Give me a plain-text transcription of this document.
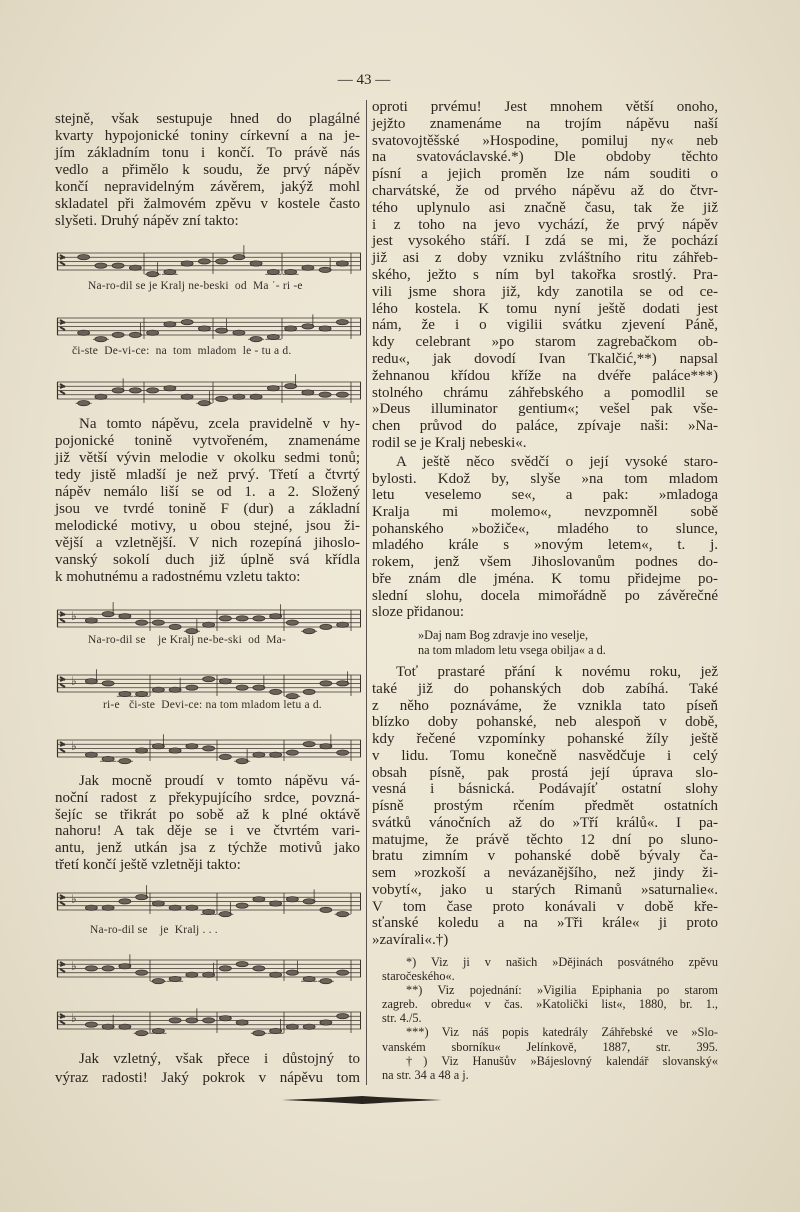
— 43 —
stejně, však sestupuje hned do plagálné
kvarty hypojonické toniny církevní a na je-
jím základním tonu i končí. To právě nás
vedlo a přimělo k soudu, že prvý nápěv
končí nepravidelným závěrem, jakýž mohl
skladatel při žalmovém zpěvu v kostele často
slyšeti. Druhý nápěv zní takto:
Na-ro-dil se je Kralj ne-beski  od  Ma ˙- ri -e
či-ste  De-vi-ce:  na  tom  mladom  le - tu a d.
Na tomto nápěvu, zcela pravidelně v hy-
pojonické tonině vytvořeném, znamenáme
již větší vývin melodie v okolku sedmi tonů;
tedy jistě mladší je než prvý. Třetí a čtvrtý
nápěv nemálo liší se od 1. a 2. Složený
jsou ve tvrdé tonině F (dur) a základní
melodické motivy, u obou stejné, jsou ži-
vější a vzletnější. V nich rozepíná jihoslo-
vanský sokolí duch již úplně svá křídla
k mohutnému a radostnému vzletu takto:
♭
Na-ro-dil se    je Kralj ne-be-ski  od  Ma-
♭
ri-e   či-ste  Devi-ce: na tom mladom letu a d.
♭
Jak mocně proudí v tomto nápěvu vá-
noční radost z překypujícího srdce, povzná-
šejíc se třikrát po sobě až k plné oktávě
nahoru! A tak děje se i ve čtvrtém vari-
antu, jenž utkán jsa z týchže motivů jako
třetí končí ještě vzletněji takto:
♭
Na-ro-dil se    je  Kralj . . .
♭
♭
Jak vzletný, však přece i důstojný to
výraz radosti! Jaký pokrok v nápěvu tom
oproti prvému! Jest mnohem větší onoho,
jejžto znamenáme na trojím nápěvu naší
svatovojtěšské »Hospodine, pomiluj ny« neb
na svatováclavské.*) Dle obdoby těchto
písní a jejich proměn lze nám souditi o
charvátské, že od prvého nápěvu až do čtvr-
tého uplynulo asi značně času, tak že již
i z toho na jevo vychází, že prvý nápěv
jest vysokého stáří. I zdá se mi, že pochází
již asi z doby vzniku zvláštního ritu záhřeb-
ského, ježto s ním byl takořka srostlý. Pra-
vili jsme shora již, kdy zanotila se od ce-
lého kostela. K tomu nyní ještě dodati jest
nám, že i o vigilii svátku zjevení Páně,
kdy celebrant »po starom zagrebačkom ob-
redu«, jak dovodí Ivan Tkalčić,**) napsal
žehnanou křídou kříže na dvéře paláce***)
stolného chrámu záhřebského a pomodlil se
»Deus illuminator gentium«; vešel pak vše-
chen průvod do paláce, zpívaje naši: »Na-
rodil se je Kralj nebeski«.
A ještě něco svědčí o její vysoké staro-
bylosti. Kdož by, slyše »na tom mladom
letu veselemo se«, a pak: »mladoga
Kralja mi molemo«, nevzpomněl sobě
pohanského »božiče«, mladého to slunce,
mladého krále s »novým letem«, t. j.
rokem, jenž všem Jihoslovanům podnes do-
bře znám dle jména. K tomu přidejme po-
slední slohu, docela mimořádně po závěrečné
sloze přidanou:
»Daj nam Bog zdravje ino veselje,
na tom mladom letu vsega obilja« a d.
Toť prastaré přání k novému roku, jež
také již do pohanských dob zabíhá. Také
z něho poznáváme, že vznikla tato píseň
blízko doby pohanské, neb alespoň v době,
kdy řečené vzpomínky pohanské žíly ještě
v lidu. Tomu konečně nasvědčuje i celý
obsah písně, pak prostá její úprava slo-
vesná i básnická. Podávajíť ostatní slohy
písně prostým rčením předmět ostatních
svátků vánočních až do »Tří králů«. I pa-
matujme, že právě těchto 12 dní po sluno-
bratu zimním v pohanské době bývaly ča-
sem »rozkoší a nevázanějšího, než jindy ži-
vobytí«, jako u starých Rimanů »saturnalie«.
V tom čase proto konávali v době kře-
sťanské koledu a na »Tři krále« ji proto
»zavírali«.†)
*) Viz ji v našich »Dějinách posvátného zpěvu
staročeského«.
**) Viz pojednání: »Vigilia Epiphania po starom
zagreb. obredu« v čas. »Katolički list«, 1880, br. 1.,
str. 4./5.
***) Viz náš popis katedrály Záhřebské ve »Slo-
vanském sborníku« Jelínkově, 1887, str. 395.
†) Viz Hanušův »Bájeslovný kalendář slovanský«
na str. 34 a 48 a j.
